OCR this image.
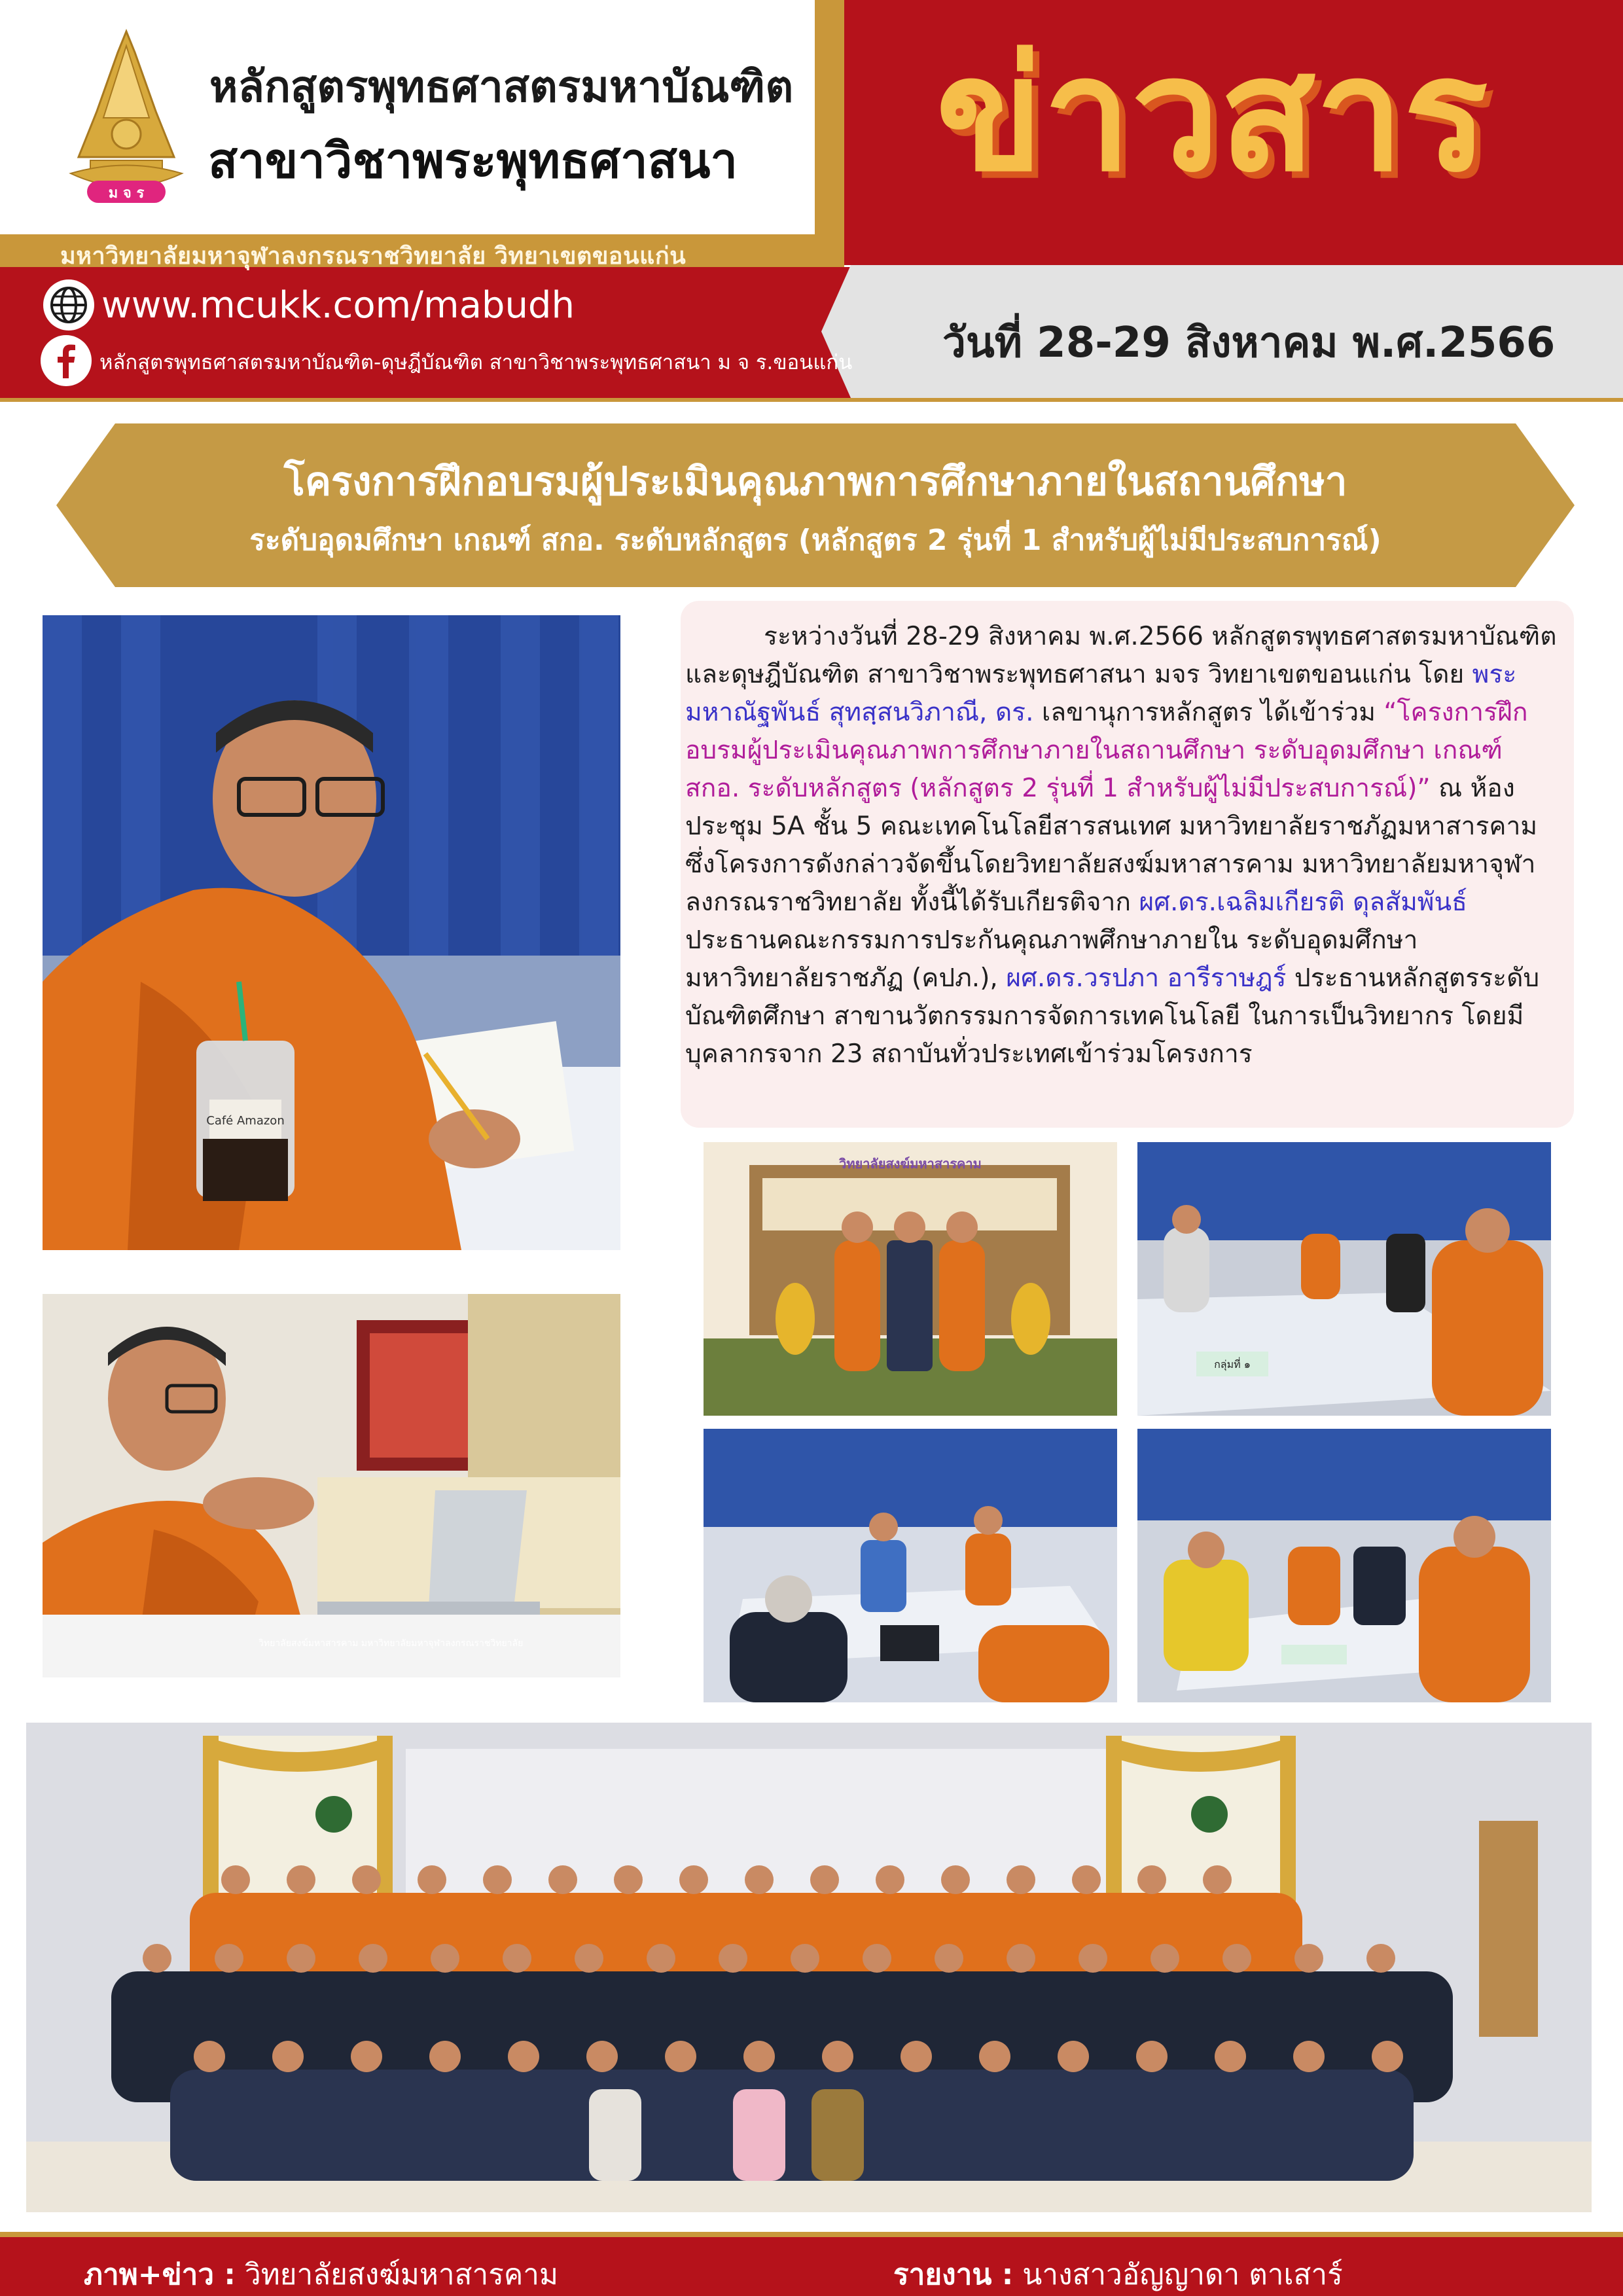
มหาวิทยาลัยมหาจุฬาลงกรณราชวิทยาลัย วิทยาเขตขอนแก่น
ม จ ร
หลักสูตรพุทธศาสตรมหาบัณฑิต
สาขาวิชาพระพุทธศาสนา	ข่าวสาร
www.mcukk.com/mabudh
หลักสูตรพุทธศาสตรมหาบัณฑิต-ดุษฎีบัณฑิต สาขาวิชาพระพุทธศาสนา ม จ ร.ขอนแก่น วันที่ 28-29 สิงหาคม พ.ศ.2566
โครงการฝึกอบรมผู้ประเมินคุณภาพการศึกษาภายในสถานศึกษา
ระดับอุดมศึกษา เกณฑ์ สกอ. ระดับหลักสูตร (หลักสูตร 2 รุ่นที่ 1 สำหรับผู้ไม่มีประสบการณ์)

ระหว่างวันที่ 28-29 สิงหาคม พ.ศ.2566 หลักสูตรพุทธศาสตรมหาบัณฑิตและดุษฎีบัณฑิต สาขาวิชาพระพุทธศาสนา มจร วิทยาเขตขอนแก่น โดย พระมหาณัฐพันธ์ สุทสฺสนวิภาณี, ดร. เลขานุการหลักสูตร ได้เข้าร่วม “โครงการฝึกอบรมผู้ประเมินคุณภาพการศึกษาภายในสถานศึกษา ระดับอุดมศึกษา เกณฑ์ สกอ. ระดับหลักสูตร (หลักสูตร 2 รุ่นที่ 1 สำหรับผู้ไม่มีประสบการณ์)” ณ ห้องประชุม 5A ชั้น 5 คณะเทคโนโลยีสารสนเทศ มหาวิทยาลัยราชภัฏมหาสารคาม ซึ่งโครงการดังกล่าวจัดขึ้นโดยวิทยาลัยสงฆ์มหาสารคาม มหาวิทยาลัยมหาจุฬาลงกรณราชวิทยาลัย ทั้งนี้ได้รับเกียรติจาก ผศ.ดร.เฉลิมเกียรติ ดุลสัมพันธ์ ประธานคณะกรรมการประกันคุณภาพศึกษาภายใน ระดับอุดมศึกษา มหาวิทยาลัยราชภัฏ (คปภ.), ผศ.ดร.วรปภา อารีราษฎร์ ประธานหลักสูตรระดับบัณฑิตศึกษา สาขานวัตกรรมการจัดการเทคโนโลยี ในการเป็นวิทยากร โดยมีบุคลากรจาก 23 สถาบันทั่วประเทศเข้าร่วมโครงการ

Café Amazon
วิทยาลัยสงฆ์มหาสารคาม มหาวิทยาลัยมหาจุฬาลงกรณราชวิทยาลัย
วิทยาลัยสงฆ์มหาสารคาม
กลุ่มที่ ๑
ภาพ+ข่าว : วิทยาลัยสงฆ์มหาสารคาม	รายงาน : นางสาวอัญญาดา ตาเสาร์
